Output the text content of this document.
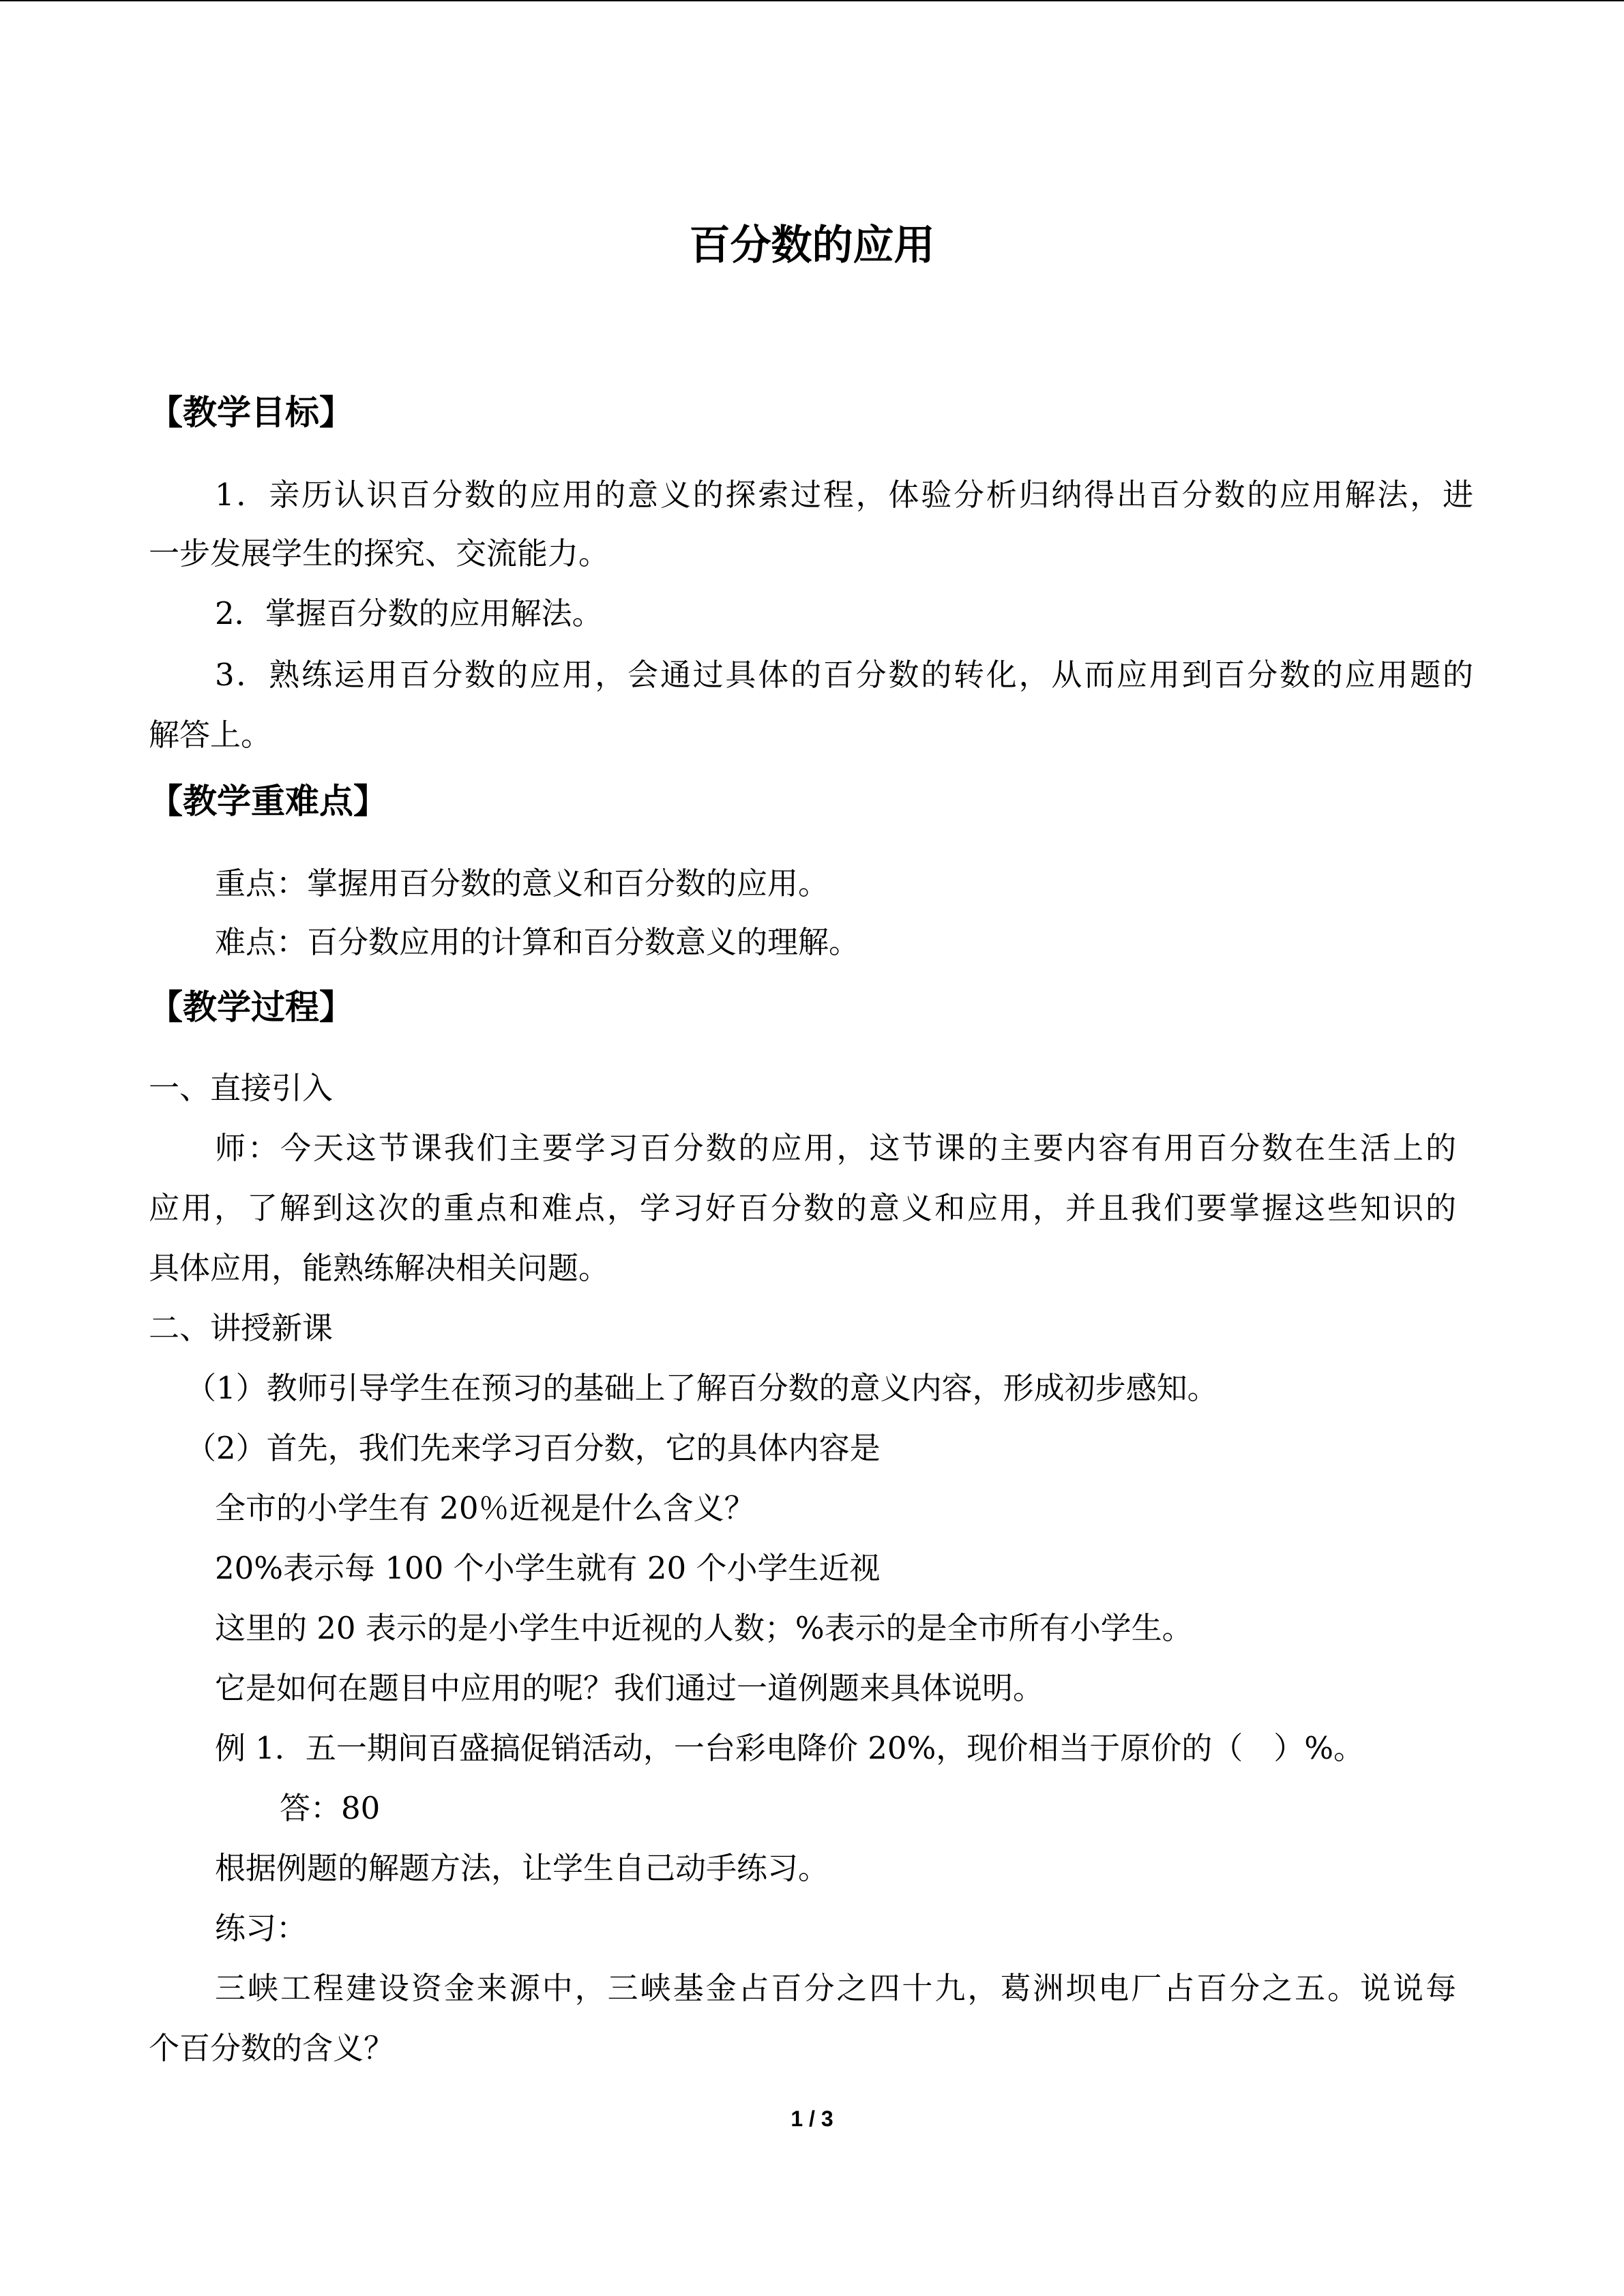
百分数的应用
【教学目标】
1．亲历认识百分数的应用的意义的探索过程，体验分析归纳得出百分数的应用解法，进
一步发展学生的探究、交流能力。
2．掌握百分数的应用解法。
3．熟练运用百分数的应用，会通过具体的百分数的转化，从而应用到百分数的应用题的
解答上。
【教学重难点】
重点：掌握用百分数的意义和百分数的应用。
难点：百分数应用的计算和百分数意义的理解。
【教学过程】
一、直接引入
师：今天这节课我们主要学习百分数的应用，这节课的主要内容有用百分数在生活上的
应用，了解到这次的重点和难点，学习好百分数的意义和应用，并且我们要掌握这些知识的
具体应用，能熟练解决相关问题。
二、讲授新课
（1）教师引导学生在预习的基础上了解百分数的意义内容，形成初步感知。
（2）首先，我们先来学习百分数，它的具体内容是
全市的小学生有 20％近视是什么含义？
20%表示每 100 个小学生就有 20 个小学生近视
这里的 20 表示的是小学生中近视的人数；%表示的是全市所有小学生。
它是如何在题目中应用的呢？我们通过一道例题来具体说明。
例 1．五一期间百盛搞促销活动，一台彩电降价 20%，现价相当于原价的（　）%。
答：80
根据例题的解题方法，让学生自己动手练习。
练习：
三峡工程建设资金来源中，三峡基金占百分之四十九，葛洲坝电厂占百分之五。说说每
个百分数的含义？
1 / 3
